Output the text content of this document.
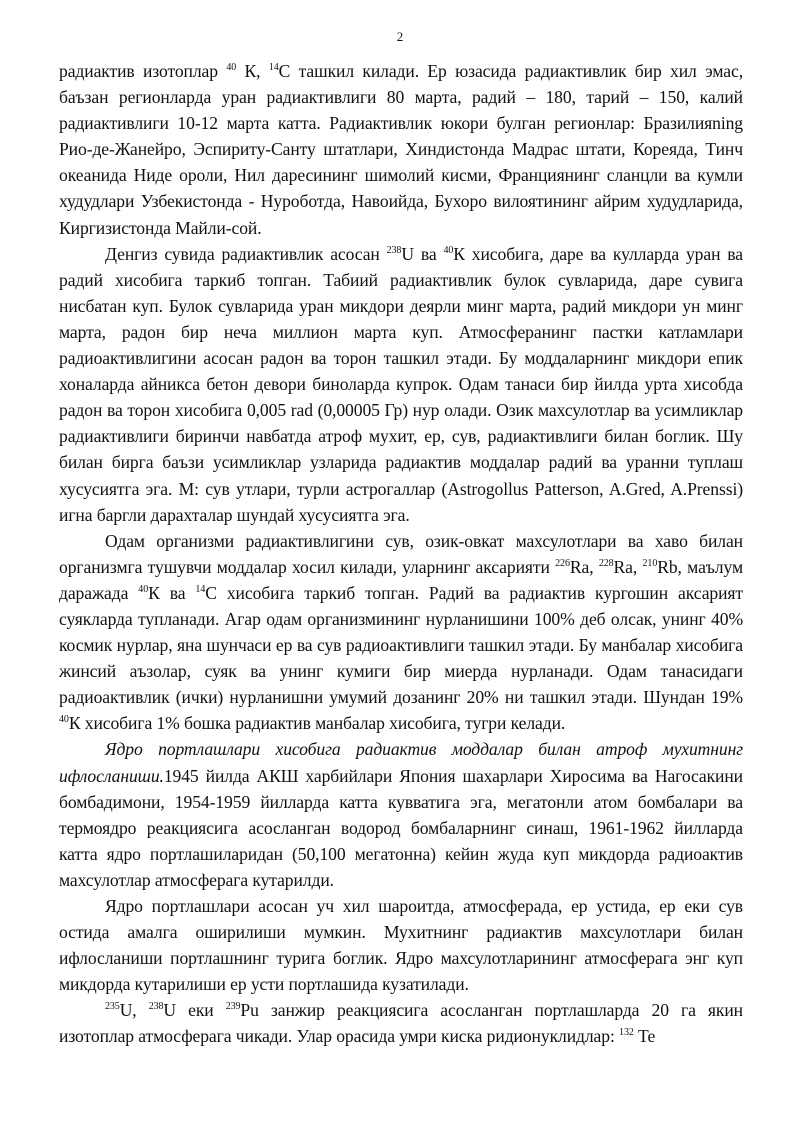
2

радиактив изотоплар $^{40}$ К, $^{14}$С ташкил килади. Ер юзасида радиактивлик бир хил эмас, баъзан регионларда уран радиактивлиги 80 марта, радий – 180, тарий – 150, калий радиактивлиги 10-12 марта катта. Радиактивлик юкори булган регионлар: Бразилияning Рио-де-Жанейро, Эспириту-Санту штатлари, Хиндистонда Мадрас штати, Кореяда, Тинч океанида Ниде ороли, Нил даресининг шимолий кисми, Франциянинг сланцли ва кумли худудлари Узбекистонда - Нуроботда, Навоийда, Бухоро вилоятининг айрим худудларида, Киргизистонда Майли-сой.

Денгиз сувида радиактивлик асосан $^{238}$U ва $^{40}$К хисобига, даре ва кулларда уран ва радий хисобига таркиб топган. Табиий радиактивлик булок сувларида, даре сувига нисбатан куп. Булок сувларида уран микдори деярли минг марта, радий микдори ун минг марта, радон бир неча миллион марта куп. Атмосферанинг пастки катламлари радиоактивлигини асосан радон ва торон ташкил этади. Бу моддаларнинг микдори епик хоналарда айникса бетон девори биноларда купрок. Одам танаси бир йилда урта хисобда радон ва торон хисобига 0,005 rad (0,00005 Гр) нур олади. Озик махсулотлар ва усимликлар радиактивлиги биринчи навбатда атроф мухит, ер, сув, радиактивлиги билан боглик. Шу билан бирга баъзи усимликлар узларида радиактив моддалар радий ва уранни туплаш хусусиятга эга. М: сув утлари, турли астрогаллар (Astrogollus Patterson, A.Gred, A.Prenssi) игна баргли дарахталар шундай хусусиятга эга.

Одам организми радиактивлигини сув, озик-овкат махсулотлари ва хаво билан организмга тушувчи моддалар хосил килади, уларнинг аксарияти $^{226}$Ra, $^{228}$Ra, $^{210}$Rb, маълум даражада $^{40}$К ва $^{14}$С хисобига таркиб топган. Радий ва радиактив кургошин аксарият суякларда тупланади. Агар одам организмининг нурланишини 100% деб олсак, унинг 40% космик нурлар, яна шунчаси ер ва сув радиоактивлиги ташкил этади. Бу манбалар хисобига жинсий аъзолар, суяк ва унинг кумиги бир миерда нурланади. Одам танасидаги радиоактивлик (ички) нурланишни умумий дозанинг 20% ни ташкил этади. Шундан 19% $^{40}$К хисобига 1% бошка радиактив манбалар хисобига, тугри келади.

Ядро портлашлари хисобига радиактив моддалар билан атроф мухитнинг ифлосланиши.1945 йилда АКШ харбийлари Япония шахарлари Хиросима ва Нагосакини бомбадимони, 1954-1959 йилларда катта кувватига эга, мегатонли атом бомбалари ва термоядро реакциясига асосланган водород бомбаларнинг синаш, 1961-1962 йилларда катта ядро портлашиларидан (50,100 мегатонна) кейин жуда куп микдорда радиоактив махсулотлар атмосферага кутарилди.

Ядро портлашлари асосан уч хил шароитда, атмосферада, ер устида, ер еки сув остида амалга оширилиши мумкин. Мухитнинг радиактив махсулотлари билан ифлосланиши портлашнинг турига боглик. Ядро махсулотларининг атмосферага энг куп микдорда кутарилиши ер усти портлашида кузатилади.

$^{235}$U, $^{238}$U еки $^{239}$Pu занжир реакциясига асосланган портлашларда 20 га якин изотоплар атмосферага чикади. Улар орасида умри киска ридионуклидлар: $^{132}$ Te
